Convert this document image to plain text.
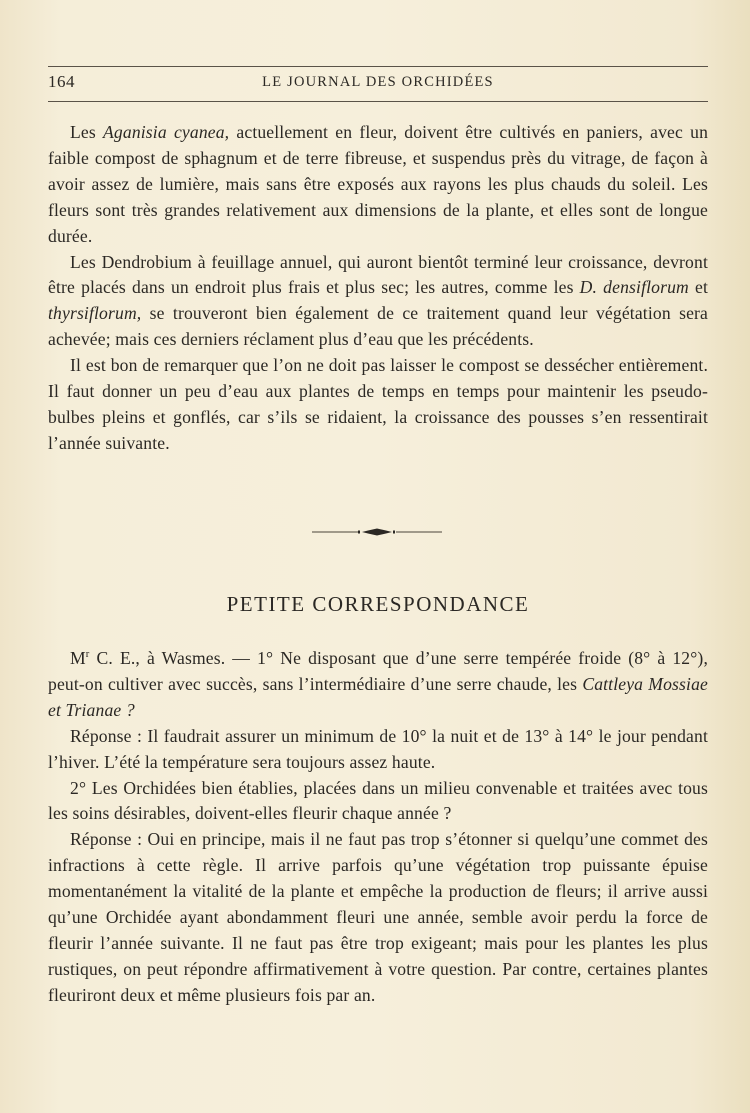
164	LE JOURNAL DES ORCHIDÉES

Les Aganisia cyanea, actuellement en fleur, doivent être cultivés en paniers, avec un faible compost de sphagnum et de terre fibreuse, et suspendus près du vitrage, de façon à avoir assez de lumière, mais sans être exposés aux rayons les plus chauds du soleil. Les fleurs sont très grandes relativement aux dimensions de la plante, et elles sont de longue durée.

Les Dendrobium à feuillage annuel, qui auront bientôt terminé leur croissance, devront être placés dans un endroit plus frais et plus sec; les autres, comme les D. densiflorum et thyrsiflorum, se trouveront bien également de ce traitement quand leur végétation sera achevée; mais ces derniers réclament plus d’eau que les précédents.

Il est bon de remarquer que l’on ne doit pas laisser le compost se dessécher entièrement. Il faut donner un peu d’eau aux plantes de temps en temps pour maintenir les pseudo-bulbes pleins et gonflés, car s’ils se ridaient, la croissance des pousses s’en ressentirait l’année suivante.

PETITE CORRESPONDANCE

$M^r$ C. E., à Wasmes. — 1° Ne disposant que d’une serre tempérée froide (8° à 12°), peut-on cultiver avec succès, sans l’intermédiaire d’une serre chaude, les Cattleya Mossiae et Trianae ?

Réponse : Il faudrait assurer un minimum de 10° la nuit et de 13° à 14° le jour pendant l’hiver. L’été la température sera toujours assez haute.

2° Les Orchidées bien établies, placées dans un milieu convenable et traitées avec tous les soins désirables, doivent-elles fleurir chaque année ?

Réponse : Oui en principe, mais il ne faut pas trop s’étonner si quelqu’une commet des infractions à cette règle. Il arrive parfois qu’une végétation trop puissante épuise momentanément la vitalité de la plante et empêche la production de fleurs; il arrive aussi qu’une Orchidée ayant abondamment fleuri une année, semble avoir perdu la force de fleurir l’année suivante. Il ne faut pas être trop exigeant; mais pour les plantes les plus rustiques, on peut répondre affirmativement à votre question. Par contre, certaines plantes fleuriront deux et même plusieurs fois par an.
